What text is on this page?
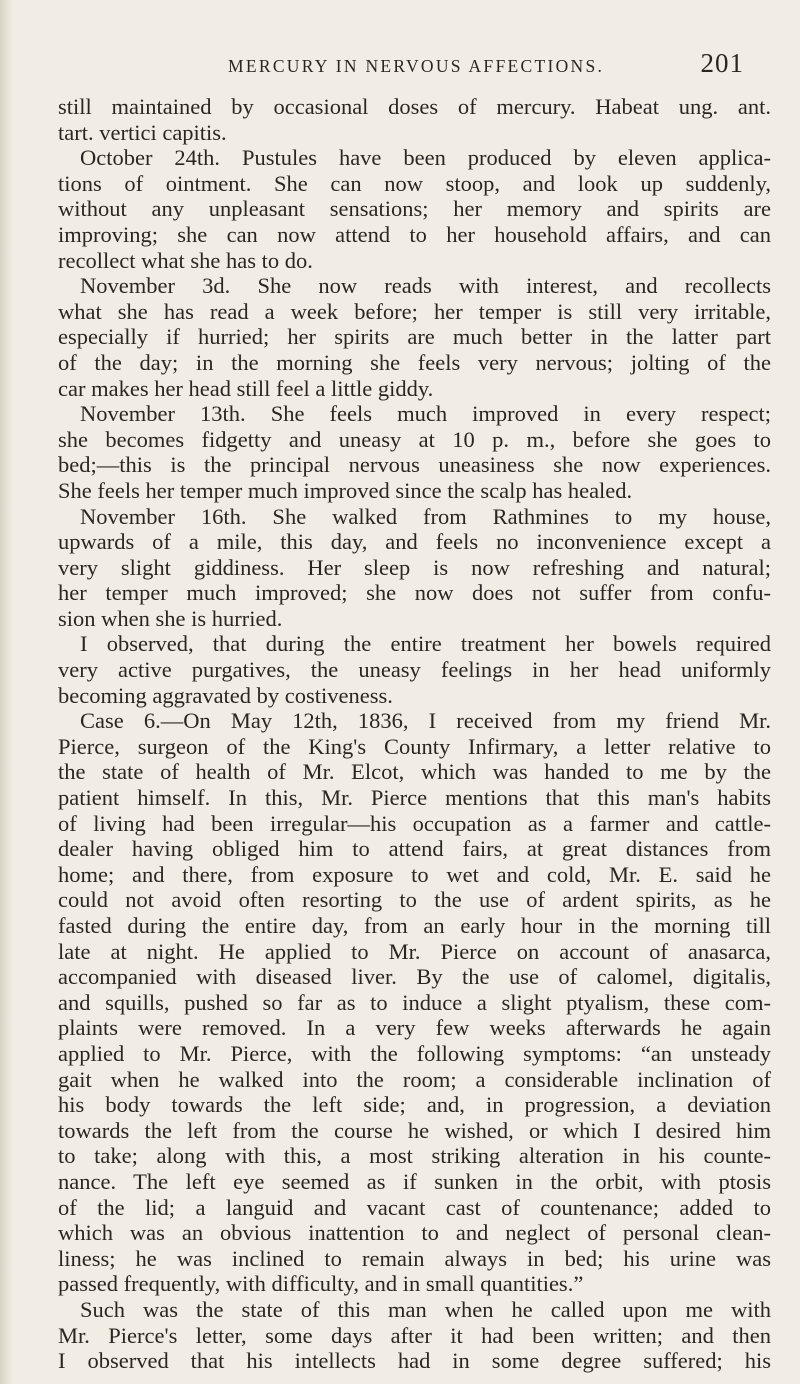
MERCURY IN NERVOUS AFFECTIONS.	201
still maintained by occasional doses of mercury. Habeat ung. ant.
tart. vertici capitis.
October 24th. Pustules have been produced by eleven applica-
tions of ointment. She can now stoop, and look up suddenly,
without any unpleasant sensations; her memory and spirits are
improving; she can now attend to her household affairs, and can
recollect what she has to do.
November 3d. She now reads with interest, and recollects
what she has read a week before; her temper is still very irritable,
especially if hurried; her spirits are much better in the latter part
of the day; in the morning she feels very nervous; jolting of the
car makes her head still feel a little giddy.
November 13th. She feels much improved in every respect;
she becomes fidgetty and uneasy at 10 p. m., before she goes to
bed;—this is the principal nervous uneasiness she now experiences.
She feels her temper much improved since the scalp has healed.
November 16th. She walked from Rathmines to my house,
upwards of a mile, this day, and feels no inconvenience except a
very slight giddiness. Her sleep is now refreshing and natural;
her temper much improved; she now does not suffer from confu-
sion when she is hurried.
I observed, that during the entire treatment her bowels required
very active purgatives, the uneasy feelings in her head uniformly
becoming aggravated by costiveness.
Case 6.—On May 12th, 1836, I received from my friend Mr.
Pierce, surgeon of the King's County Infirmary, a letter relative to
the state of health of Mr. Elcot, which was handed to me by the
patient himself. In this, Mr. Pierce mentions that this man's habits
of living had been irregular—his occupation as a farmer and cattle-
dealer having obliged him to attend fairs, at great distances from
home; and there, from exposure to wet and cold, Mr. E. said he
could not avoid often resorting to the use of ardent spirits, as he
fasted during the entire day, from an early hour in the morning till
late at night. He applied to Mr. Pierce on account of anasarca,
accompanied with diseased liver. By the use of calomel, digitalis,
and squills, pushed so far as to induce a slight ptyalism, these com-
plaints were removed. In a very few weeks afterwards he again
applied to Mr. Pierce, with the following symptoms: “an unsteady
gait when he walked into the room; a considerable inclination of
his body towards the left side; and, in progression, a deviation
towards the left from the course he wished, or which I desired him
to take; along with this, a most striking alteration in his counte-
nance. The left eye seemed as if sunken in the orbit, with ptosis
of the lid; a languid and vacant cast of countenance; added to
which was an obvious inattention to and neglect of personal clean-
liness; he was inclined to remain always in bed; his urine was
passed frequently, with difficulty, and in small quantities.”
Such was the state of this man when he called upon me with
Mr. Pierce's letter, some days after it had been written; and then
I observed that his intellects had in some degree suffered; his
